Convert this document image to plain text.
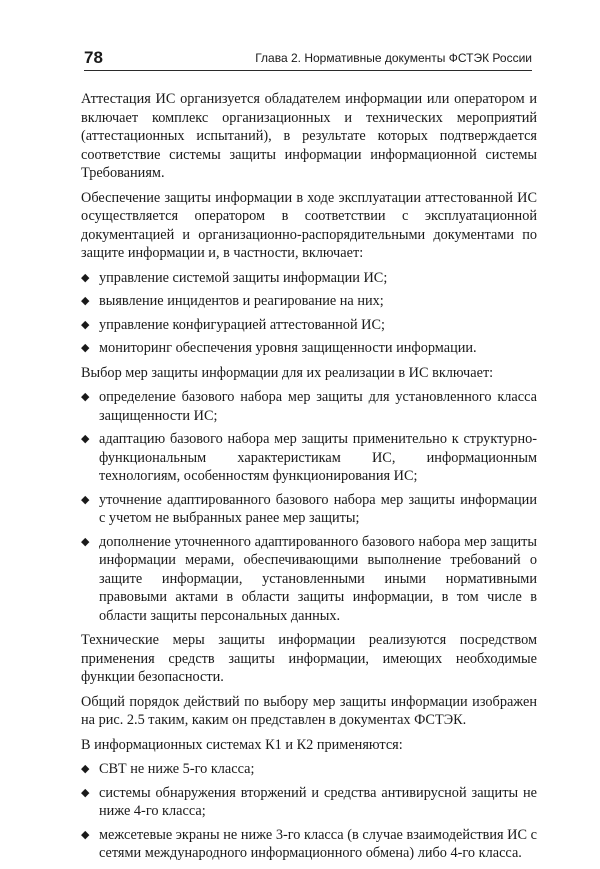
78	Глава 2. Нормативные документы ФСТЭК России

Аттестация ИС организуется обладателем информации или оператором и включает комплекс организационных и технических мероприятий (аттестационных испытаний), в результате которых подтверждается соответствие системы защиты информации информационной системы Требованиям.

Обеспечение защиты информации в ходе эксплуатации аттестованной ИС осуществляется оператором в соответствии с эксплуатационной документацией и организационно-распорядительными документами по защите информации и, в частности, включает:

◆ управление системой защиты информации ИС;
◆ выявление инцидентов и реагирование на них;
◆ управление конфигурацией аттестованной ИС;
◆ мониторинг обеспечения уровня защищенности информации.

Выбор мер защиты информации для их реализации в ИС включает:

◆ определение базового набора мер защиты для установленного класса защищенности ИС;
◆ адаптацию базового набора мер защиты применительно к структурно-функциональным характеристикам ИС, информационным технологиям, особенностям функционирования ИС;
◆ уточнение адаптированного базового набора мер защиты информации с учетом не выбранных ранее мер защиты;
◆ дополнение уточненного адаптированного базового набора мер защиты информации мерами, обеспечивающими выполнение требований о защите информации, установленными иными нормативными правовыми актами в области защиты информации, в том числе в области защиты персональных данных.

Технические меры защиты информации реализуются посредством применения средств защиты информации, имеющих необходимые функции безопасности.

Общий порядок действий по выбору мер защиты информации изображен на рис. 2.5 таким, каким он представлен в документах ФСТЭК.

В информационных системах К1 и К2 применяются:

◆ СВТ не ниже 5-го класса;
◆ системы обнаружения вторжений и средства антивирусной защиты не ниже 4-го класса;
◆ межсетевые экраны не ниже 3-го класса (в случае взаимодействия ИС с сетями международного информационного обмена) либо 4-го класса.
